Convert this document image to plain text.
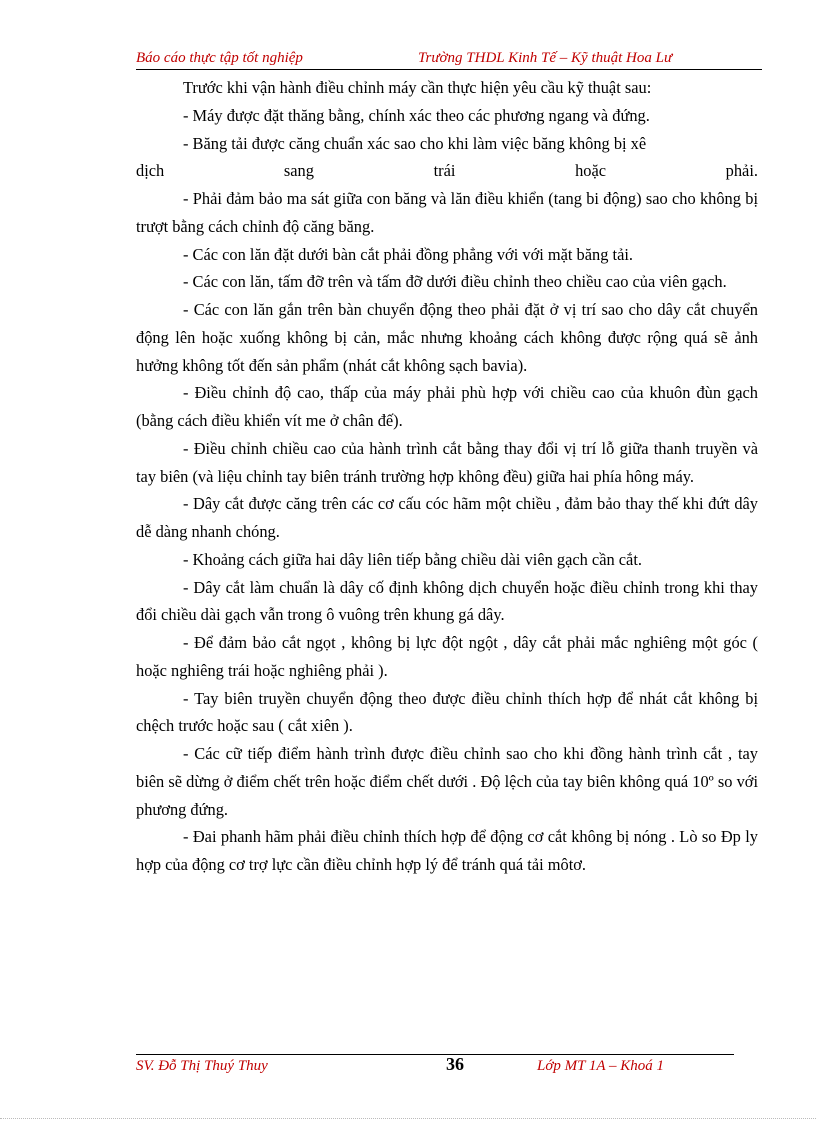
Báo cáo thực tập tốt nghiệp	Trường THDL Kinh Tế – Kỹ thuật Hoa Lư

Trước khi vận hành điều chỉnh máy cần thực hiện yêu cầu kỹ thuật sau:

- Máy được đặt thăng bằng, chính xác theo các phương ngang và đứng.

- Băng tải được căng chuẩn xác sao cho khi làm việc băng không bị xê

dịch sang trái hoặc phải.

- Phải đảm bảo ma sát giữa con băng và lăn điều khiển (tang bi động) sao cho không bị trượt bằng cách chỉnh độ căng băng.

- Các con lăn đặt dưới bàn cắt phải đồng phẳng với với mặt băng tải.

- Các con lăn, tấm đỡ trên và tấm đỡ dưới điều chỉnh theo chiều cao của viên gạch.

- Các con lăn gắn trên bàn chuyển động theo phải đặt ở vị trí sao cho dây cắt chuyển động lên hoặc xuống không bị cản, mắc nhưng khoảng cách không được rộng quá sẽ ảnh hưởng không tốt đến sản phẩm (nhát cắt không sạch bavia).

- Điều chỉnh độ cao, thấp của máy phải phù hợp với chiều cao của khuôn đùn gạch (bằng cách điều khiển vít me ở chân đế).

- Điều chỉnh chiều cao của hành trình cắt bằng thay đổi vị trí lỗ giữa thanh truyền và tay biên (và liệu chỉnh tay biên tránh trường hợp không đều) giữa hai phía hông máy.

- Dây cắt được căng trên các cơ cấu cóc hãm một chiều , đảm bảo thay thế khi đứt dây dễ dàng nhanh chóng.

- Khoảng cách giữa hai dây liên tiếp bằng chiều dài viên gạch cần cắt.

- Dây cắt làm chuẩn là dây cố định không dịch chuyển hoặc điều chỉnh trong khi thay đổi chiều dài gạch vẫn trong ô vuông trên khung gá dây.

- Để đảm bảo cắt ngọt , không bị lực đột ngột , dây cắt phải mắc nghiêng một góc ( hoặc nghiêng trái hoặc nghiêng phải ).

- Tay biên truyền chuyển động theo được điều chỉnh thích hợp để nhát cắt không bị chệch trước hoặc sau ( cắt xiên ).

- Các cữ tiếp điểm hành trình được điều chỉnh sao cho khi đồng hành trình cắt , tay biên sẽ dừng ở điểm chết trên hoặc điểm chết dưới . Độ lệch của tay biên không quá 10º so với phương đứng.

- Đai phanh hãm phải điều chỉnh thích hợp để động cơ cắt không bị nóng . Lò so Đp ly hợp của động cơ trợ lực cần điều chỉnh hợp lý để tránh quá tải môtơ.

SV. Đỗ Thị Thuý Thuy	36	Lớp MT 1A – Khoá 1
